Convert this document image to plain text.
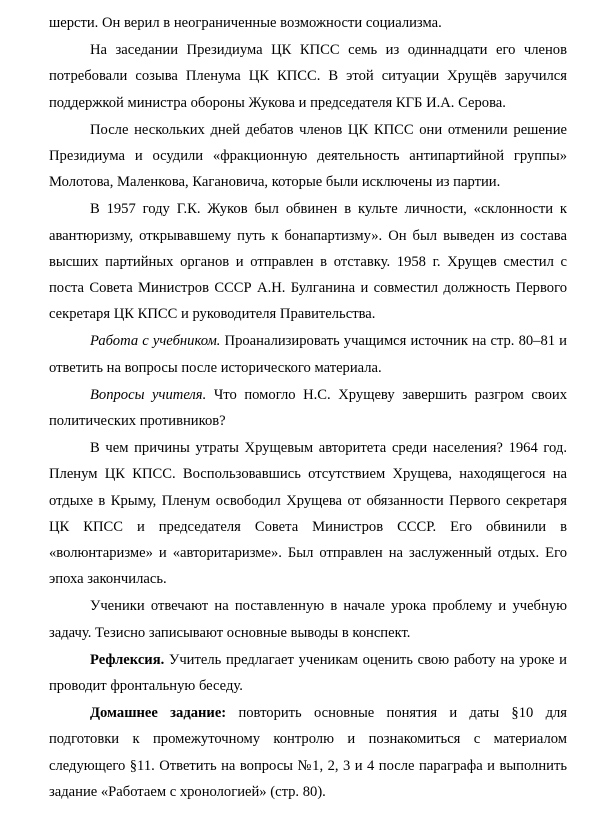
шерсти. Он верил в неограниченные возможности социализма.

На заседании Президиума ЦК КПСС семь из одиннадцати его членов потребовали созыва Пленума ЦК КПСС. В этой ситуации Хрущёв заручился поддержкой министра обороны Жукова и председателя КГБ И.А. Серова.

После нескольких дней дебатов членов ЦК КПСС они отменили решение Президиума и осудили «фракционную деятельность антипартийной группы» Молотова, Маленкова, Кагановича, которые были исключены из партии.

В 1957 году Г.К. Жуков был обвинен в культе личности, «склонности к авантюризму, открывавшему путь к бонапартизму». Он был выведен из состава высших партийных органов и отправлен в отставку. 1958 г. Хрущев сместил с поста Совета Министров СССР А.Н. Булганина и совместил должность Первого секретаря ЦК КПСС и руководителя Правительства.

Работа с учебником. Проанализировать учащимся источник на стр. 80–81 и ответить на вопросы после исторического материала.

Вопросы учителя. Что помогло Н.С. Хрущеву завершить разгром своих политических противников?

В чем причины утраты Хрущевым авторитета среди населения? 1964 год. Пленум ЦК КПСС. Воспользовавшись отсутствием Хрущева, находящегося на отдыхе в Крыму, Пленум освободил Хрущева от обязанности Первого секретаря ЦК КПСС и председателя Совета Министров СССР. Его обвинили в «волюнтаризме» и «авторитаризме». Был отправлен на заслуженный отдых. Его эпоха закончилась.

Ученики отвечают на поставленную в начале урока проблему и учебную задачу. Тезисно записывают основные выводы в конспект.

Рефлексия. Учитель предлагает ученикам оценить свою работу на уроке и проводит фронтальную беседу.

Домашнее задание: повторить основные понятия и даты §10 для подготовки к промежуточному контролю и познакомиться с материалом следующего §11. Ответить на вопросы №1, 2, 3 и 4 после параграфа и выполнить задание «Работаем с хронологией» (стр. 80).
